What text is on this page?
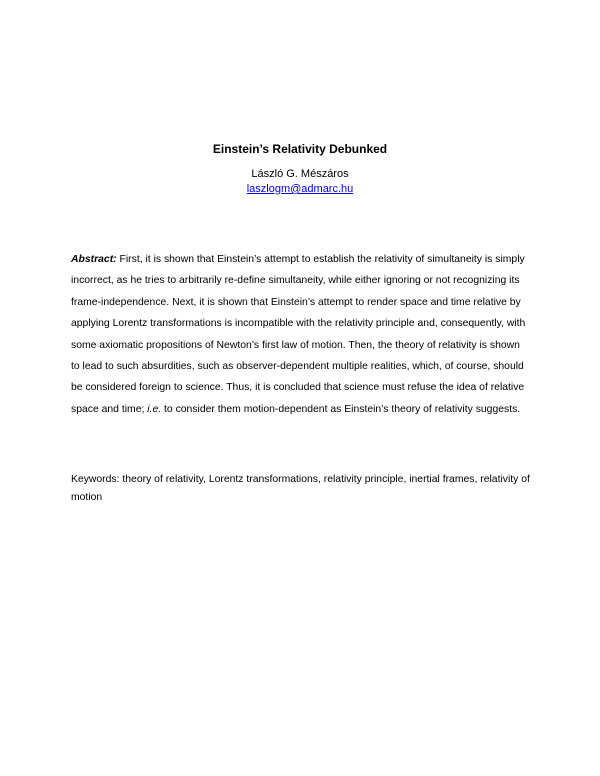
Einstein’s Relativity Debunked
László G. Mészáros
laszlogm@admarc.hu

Abstract: First, it is shown that Einstein’s attempt to establish the relativity of simultaneity is simply incorrect, as he tries to arbitrarily re-define simultaneity, while either ignoring or not recognizing its frame-independence. Next, it is shown that Einstein’s attempt to render space and time relative by applying Lorentz transformations is incompatible with the relativity principle and, consequently, with some axiomatic propositions of Newton’s first law of motion. Then, the theory of relativity is shown to lead to such absurdities, such as observer-dependent multiple realities, which, of course, should be considered foreign to science. Thus, it is concluded that science must refuse the idea of relative space and time; i.e. to consider them motion-dependent as Einstein’s theory of relativity suggests.

Keywords: theory of relativity, Lorentz transformations, relativity principle, inertial frames, relativity of motion
